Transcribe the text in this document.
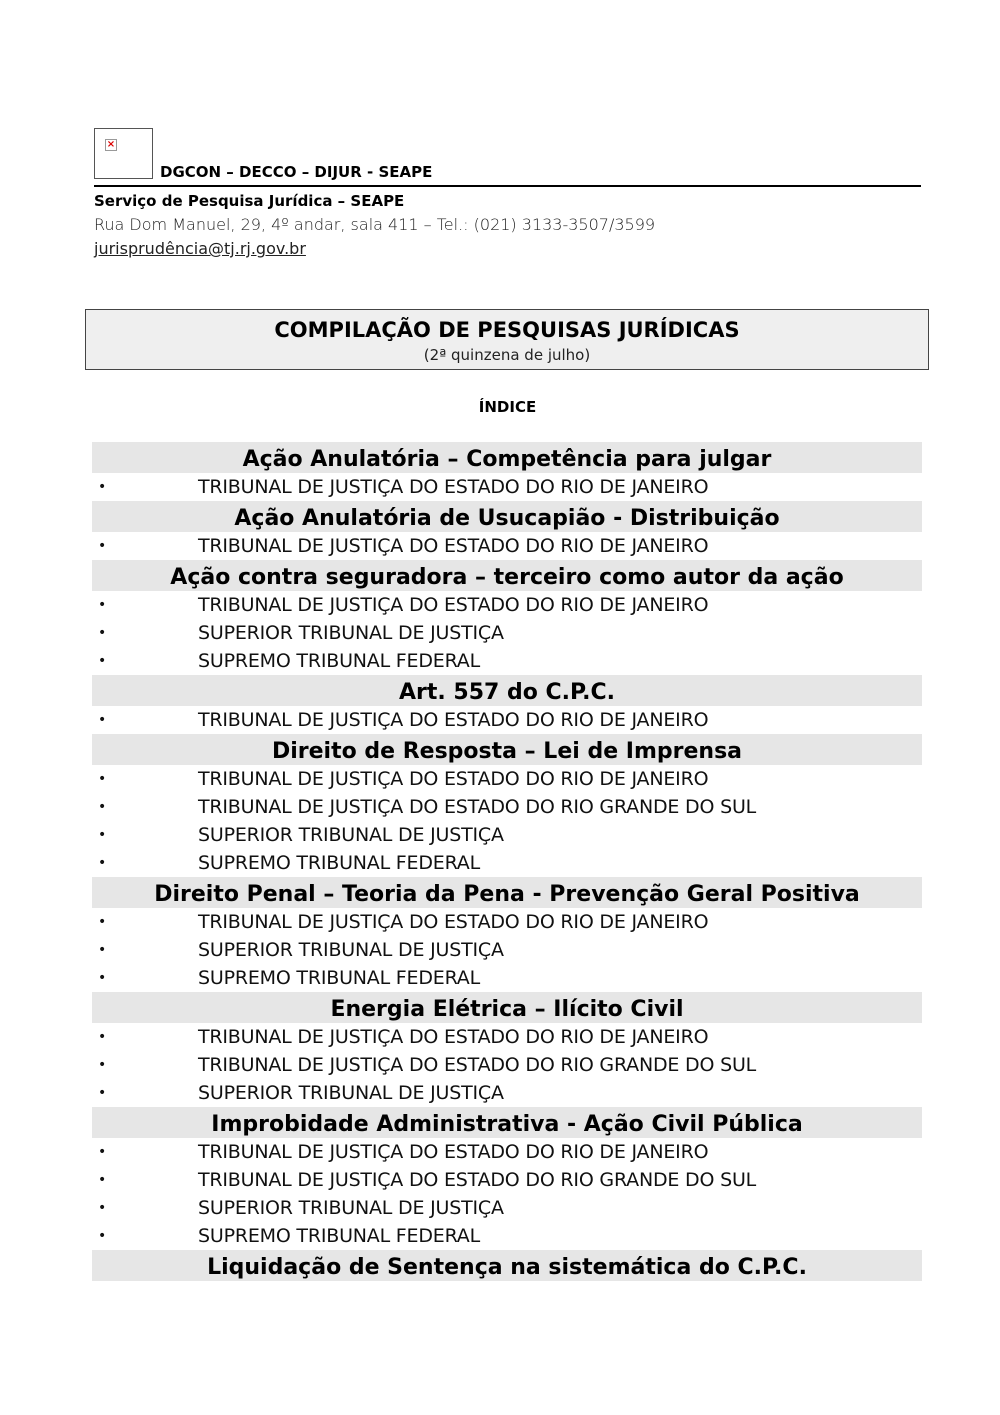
×
DGCON – DECCO – DIJUR - SEAPE
Serviço de Pesquisa Jurídica – SEAPE
Rua Dom Manuel, 29, 4º andar, sala 411 – Tel.: (021) 3133-3507/3599
jurisprudência@tj.rj.gov.br
COMPILAÇÃO DE PESQUISAS JURÍDICAS
(2ª quinzena de julho)
ÍNDICE
Ação Anulatória – Competência para julgar
•	TRIBUNAL DE JUSTIÇA DO ESTADO DO RIO DE JANEIRO
Ação Anulatória de Usucapião - Distribuição
•	TRIBUNAL DE JUSTIÇA DO ESTADO DO RIO DE JANEIRO
Ação contra seguradora – terceiro como autor da ação
•	TRIBUNAL DE JUSTIÇA DO ESTADO DO RIO DE JANEIRO
•	SUPERIOR TRIBUNAL DE JUSTIÇA
•	SUPREMO TRIBUNAL FEDERAL
Art. 557 do C.P.C.
•	TRIBUNAL DE JUSTIÇA DO ESTADO DO RIO DE JANEIRO
Direito de Resposta – Lei de Imprensa
•	TRIBUNAL DE JUSTIÇA DO ESTADO DO RIO DE JANEIRO
•	TRIBUNAL DE JUSTIÇA DO ESTADO DO RIO GRANDE DO SUL
•	SUPERIOR TRIBUNAL DE JUSTIÇA
•	SUPREMO TRIBUNAL FEDERAL
Direito Penal – Teoria da Pena - Prevenção Geral Positiva
•	TRIBUNAL DE JUSTIÇA DO ESTADO DO RIO DE JANEIRO
•	SUPERIOR TRIBUNAL DE JUSTIÇA
•	SUPREMO TRIBUNAL FEDERAL
Energia Elétrica – Ilícito Civil
•	TRIBUNAL DE JUSTIÇA DO ESTADO DO RIO DE JANEIRO
•	TRIBUNAL DE JUSTIÇA DO ESTADO DO RIO GRANDE DO SUL
•	SUPERIOR TRIBUNAL DE JUSTIÇA
Improbidade Administrativa - Ação Civil Pública
•	TRIBUNAL DE JUSTIÇA DO ESTADO DO RIO DE JANEIRO
•	TRIBUNAL DE JUSTIÇA DO ESTADO DO RIO GRANDE DO SUL
•	SUPERIOR TRIBUNAL DE JUSTIÇA
•	SUPREMO TRIBUNAL FEDERAL
Liquidação de Sentença na sistemática do C.P.C.
